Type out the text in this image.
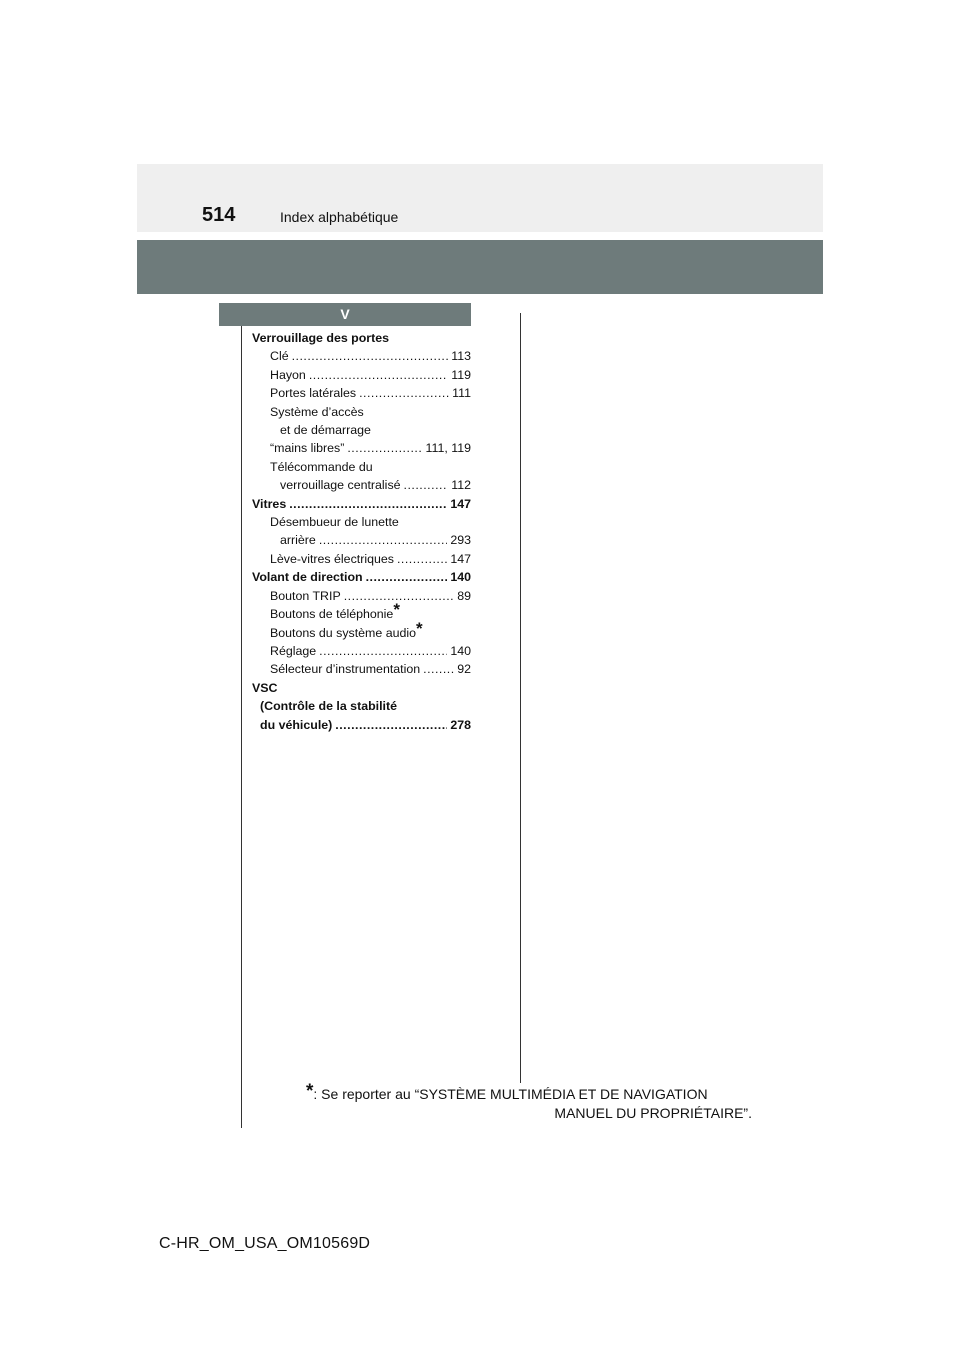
514	Index alphabétique
V
Verrouillage des portes
Clé .....	113
Hayon .....	119
Portes latérales .....	111
Système d’accès
et de démarrage
“mains libres” .....	111, 119
Télécommande du
verrouillage centralisé .....	112
Vitres .....	147
Désembueur de lunette
arrière .....	293
Lève-vitres électriques .....	147
Volant de direction .....	140
Bouton TRIP .....	89
Boutons de téléphonie *
Boutons du système audio *
Réglage .....	140
Sélecteur d’instrumentation .....	92
VSC
(Contrôle de la stabilité
du véhicule) .....	278
*: Se reporter au “SYSTÈME MULTIMÉDIA ET DE NAVIGATION
MANUEL DU PROPRIÉTAIRE”.
C-HR_OM_USA_OM10569D
